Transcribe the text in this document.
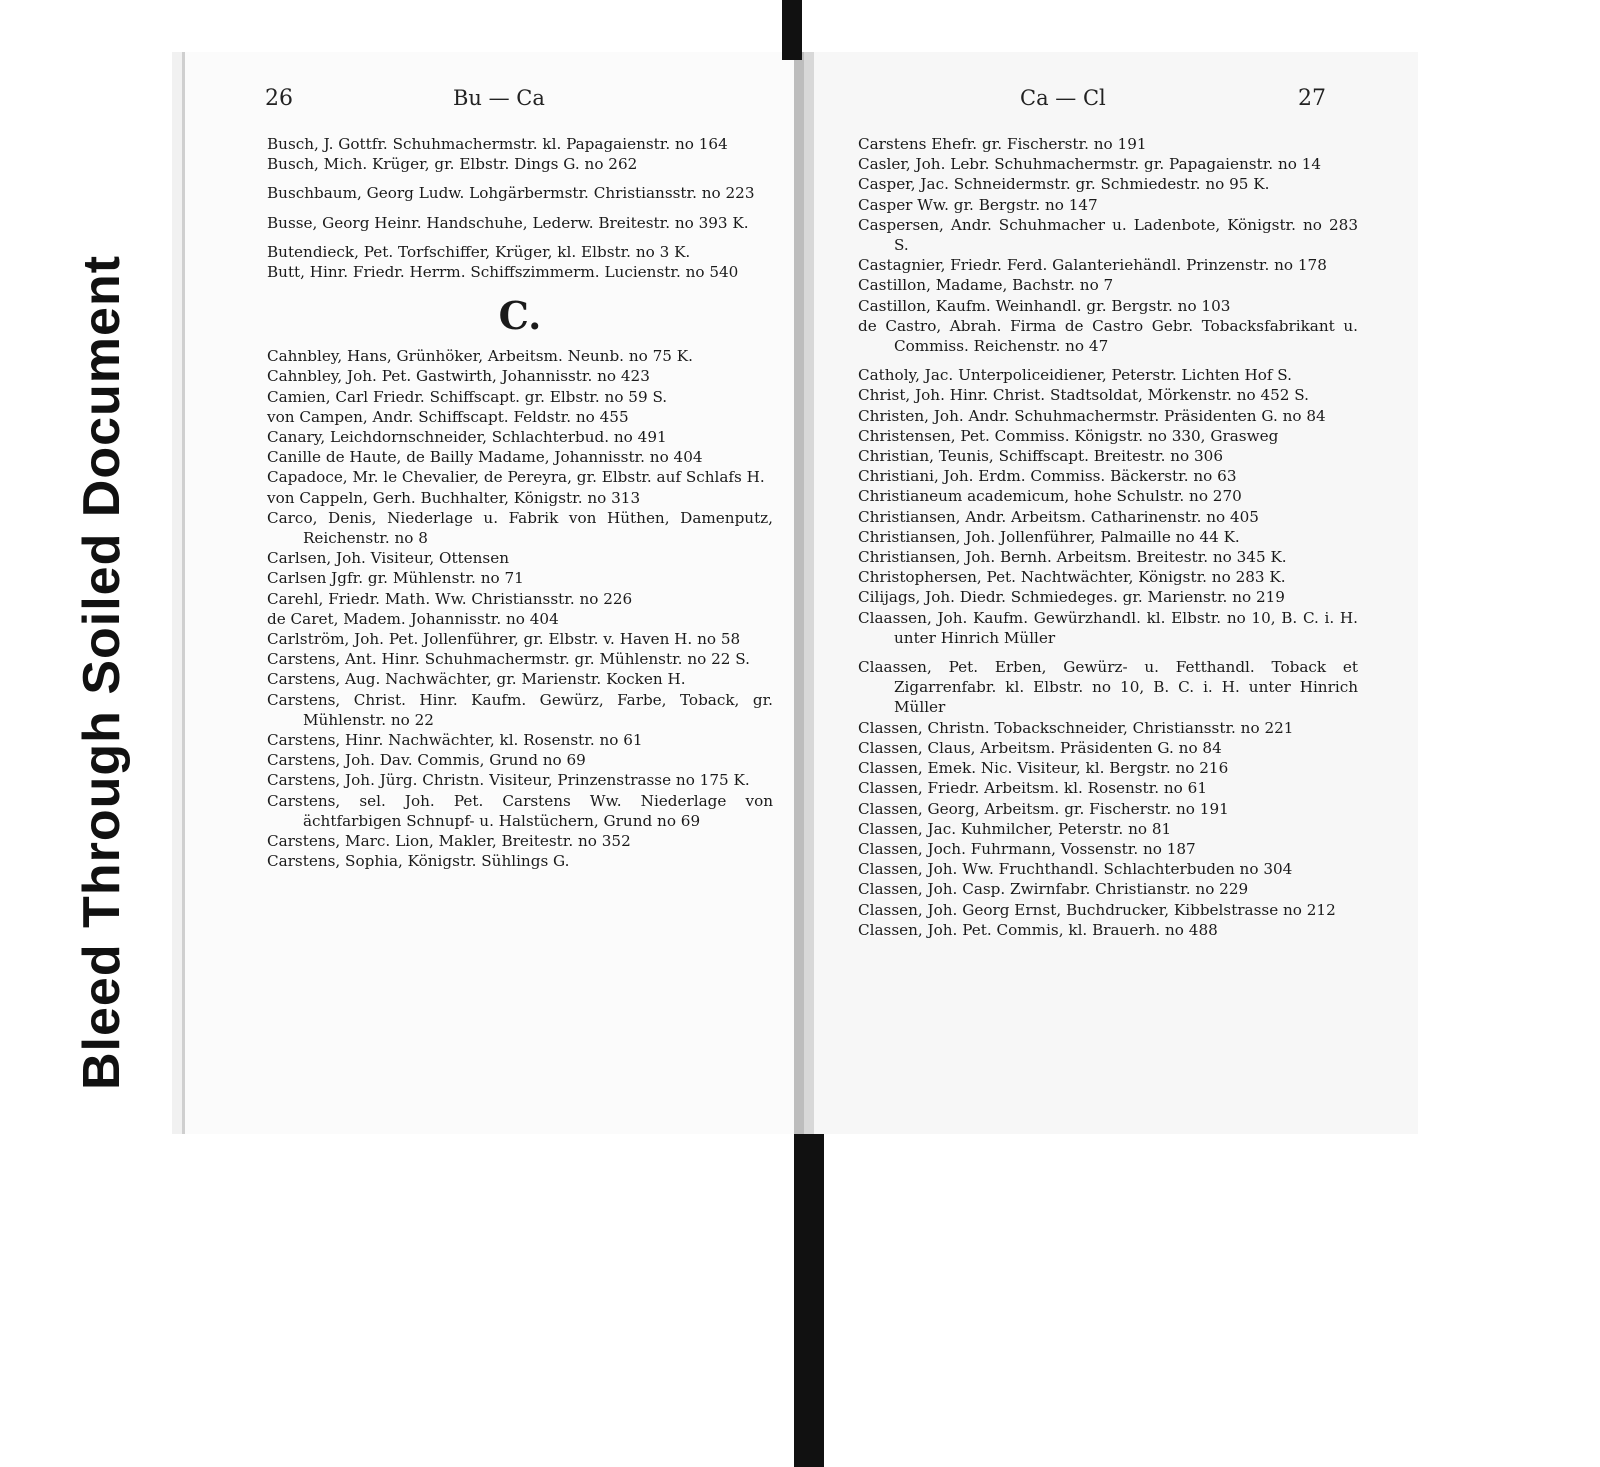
Bleed Through Soiled Document
26	Bu — Ca
Busch, J. Gottfr. Schuhmachermstr. kl. Papagaienstr. no 164
Busch, Mich. Krüger, gr. Elbstr. Dings G. no 262
Buschbaum, Georg Ludw. Lohgärbermstr. Christiansstr. no 223
Busse, Georg Heinr. Handschuhe, Lederw. Breitestr. no 393 K.
Butendieck, Pet. Torfschiffer, Krüger, kl. Elbstr. no 3 K.
Butt, Hinr. Friedr. Herrm. Schiffszimmerm. Lucienstr. no 540
C.
Cahnbley, Hans, Grünhöker, Arbeitsm. Neunb. no 75 K.
Cahnbley, Joh. Pet. Gastwirth, Johannisstr. no 423
Camien, Carl Friedr. Schiffscapt. gr. Elbstr. no 59 S.
von Campen, Andr. Schiffscapt. Feldstr. no 455
Canary, Leichdornschneider, Schlachterbud. no 491
Canille de Haute, de Bailly Madame, Johannisstr. no 404
Capadoce, Mr. le Chevalier, de Pereyra, gr. Elbstr. auf Schlafs H.
von Cappeln, Gerh. Buchhalter, Königstr. no 313
Carco, Denis, Niederlage u. Fabrik von Hüthen, Damenputz, Reichenstr. no 8
Carlsen, Joh. Visiteur, Ottensen
Carlsen Jgfr. gr. Mühlenstr. no 71
Carehl, Friedr. Math. Ww. Christiansstr. no 226
de Caret, Madem. Johannisstr. no 404
Carlström, Joh. Pet. Jollenführer, gr. Elbstr. v. Haven H. no 58
Carstens, Ant. Hinr. Schuhmachermstr. gr. Mühlenstr. no 22 S.
Carstens, Aug. Nachwächter, gr. Marienstr. Kocken H.
Carstens, Christ. Hinr. Kaufm. Gewürz, Farbe, Toback, gr. Mühlenstr. no 22
Carstens, Hinr. Nachwächter, kl. Rosenstr. no 61
Carstens, Joh. Dav. Commis, Grund no 69
Carstens, Joh. Jürg. Christn. Visiteur, Prinzenstrasse no 175 K.
Carstens, sel. Joh. Pet. Carstens Ww. Niederlage von ächtfarbigen Schnupf- u. Halstüchern, Grund no 69
Carstens, Marc. Lion, Makler, Breitestr. no 352
Carstens, Sophia, Königstr. Sühlings G.
Ca — Cl	27
Carstens Ehefr. gr. Fischerstr. no 191
Casler, Joh. Lebr. Schuhmachermstr. gr. Papagaienstr. no 14
Casper, Jac. Schneidermstr. gr. Schmiedestr. no 95 K.
Casper Ww. gr. Bergstr. no 147
Caspersen, Andr. Schuhmacher u. Ladenbote, Königstr. no 283 S.
Castagnier, Friedr. Ferd. Galanteriehändl. Prinzenstr. no 178
Castillon, Madame, Bachstr. no 7
Castillon, Kaufm. Weinhandl. gr. Bergstr. no 103
de Castro, Abrah. Firma de Castro Gebr. Tobacksfabrikant u. Commiss. Reichenstr. no 47
Catholy, Jac. Unterpoliceidiener, Peterstr. Lichten Hof S.
Christ, Joh. Hinr. Christ. Stadtsoldat, Mörkenstr. no 452 S.
Christen, Joh. Andr. Schuhmachermstr. Präsidenten G. no 84
Christensen, Pet. Commiss. Königstr. no 330, Grasweg
Christian, Teunis, Schiffscapt. Breitestr. no 306
Christiani, Joh. Erdm. Commiss. Bäckerstr. no 63
Christianeum academicum, hohe Schulstr. no 270
Christiansen, Andr. Arbeitsm. Catharinenstr. no 405
Christiansen, Joh. Jollenführer, Palmaille no 44 K.
Christiansen, Joh. Bernh. Arbeitsm. Breitestr. no 345 K.
Christophersen, Pet. Nachtwächter, Königstr. no 283 K.
Cilijags, Joh. Diedr. Schmiedeges. gr. Marienstr. no 219
Claassen, Joh. Kaufm. Gewürzhandl. kl. Elbstr. no 10, B. C. i. H. unter Hinrich Müller
Claassen, Pet. Erben, Gewürz- u. Fetthandl. Toback et Zigarrenfabr. kl. Elbstr. no 10, B. C. i. H. unter Hinrich Müller
Classen, Christn. Tobackschneider, Christiansstr. no 221
Classen, Claus, Arbeitsm. Präsidenten G. no 84
Classen, Emek. Nic. Visiteur, kl. Bergstr. no 216
Classen, Friedr. Arbeitsm. kl. Rosenstr. no 61
Classen, Georg, Arbeitsm. gr. Fischerstr. no 191
Classen, Jac. Kuhmilcher, Peterstr. no 81
Classen, Joch. Fuhrmann, Vossenstr. no 187
Classen, Joh. Ww. Fruchthandl. Schlachterbuden no 304
Classen, Joh. Casp. Zwirnfabr. Christianstr. no 229
Classen, Joh. Georg Ernst, Buchdrucker, Kibbelstrasse no 212
Classen, Joh. Pet. Commis, kl. Brauerh. no 488
